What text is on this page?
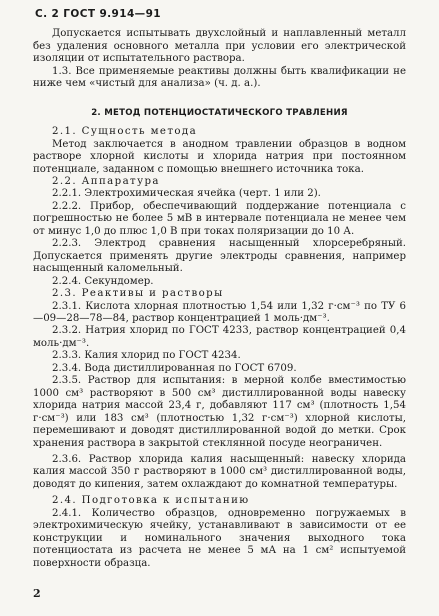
С. 2 ГОСТ 9.914—91

Допускается испытывать двухслойный и наплавленный металл без удаления основного металла при условии его электрической изоляции от испытательного раствора.

1.3. Все применяемые реактивы должны быть квалификации не ниже чем «чистый для анализа» (ч. д. а.).

2. МЕТОД ПОТЕНЦИОСТАТИЧЕСКОГО ТРАВЛЕНИЯ

2.1. Сущность метода

Метод заключается в анодном травлении образцов в водном растворе хлорной кислоты и хлорида натрия при постоянном потенциале, заданном с помощью внешнего источника тока.

2.2. Аппаратура

2.2.1. Электрохимическая ячейка (черт. 1 или 2).

2.2.2. Прибор, обеспечивающий поддержание потенциала с погрешностью не более 5 мВ в интервале потенциала не менее чем от минус 1,0 до плюс 1,0 В при токах поляризации до 10 А.

2.2.3. Электрод сравнения насыщенный хлорсеребряный. Допускается применять другие электроды сравнения, например насыщенный каломельный.

2.2.4. Секундомер.

2.3. Реактивы и растворы

2.3.1. Кислота хлорная плотностью 1,54 или 1,32 г·см⁻³ по ТУ 6—09—28—78—84, раствор концентрацией 1 моль·дм⁻³.

2.3.2. Натрия хлорид по ГОСТ 4233, раствор концентрацией 0,4 моль·дм⁻³.

2.3.3. Калия хлорид по ГОСТ 4234.

2.3.4. Вода дистиллированная по ГОСТ 6709.

2.3.5. Раствор для испытания: в мерной колбе вместимостью 1000 см³ растворяют в 500 см³ дистиллированной воды навеску хлорида натрия массой 23,4 г, добавляют 117 см³ (плотность 1,54 г·см⁻³) или 183 см³ (плотностью 1,32 г·см⁻³) хлорной кислоты, перемешивают и доводят дистиллированной водой до метки. Срок хранения раствора в закрытой стеклянной посуде неограничен.

2.3.6. Раствор хлорида калия насыщенный: навеску хлорида калия массой 350 г растворяют в 1000 см³ дистиллированной воды, доводят до кипения, затем охлаждают до комнатной температуры.

2.4. Подготовка к испытанию

2.4.1. Количество образцов, одновременно погружаемых в электрохимическую ячейку, устанавливают в зависимости от ее конструкции и номинального значения выходного тока потенциостата из расчета не менее 5 мА на 1 см² испытуемой поверхности образца.

2
